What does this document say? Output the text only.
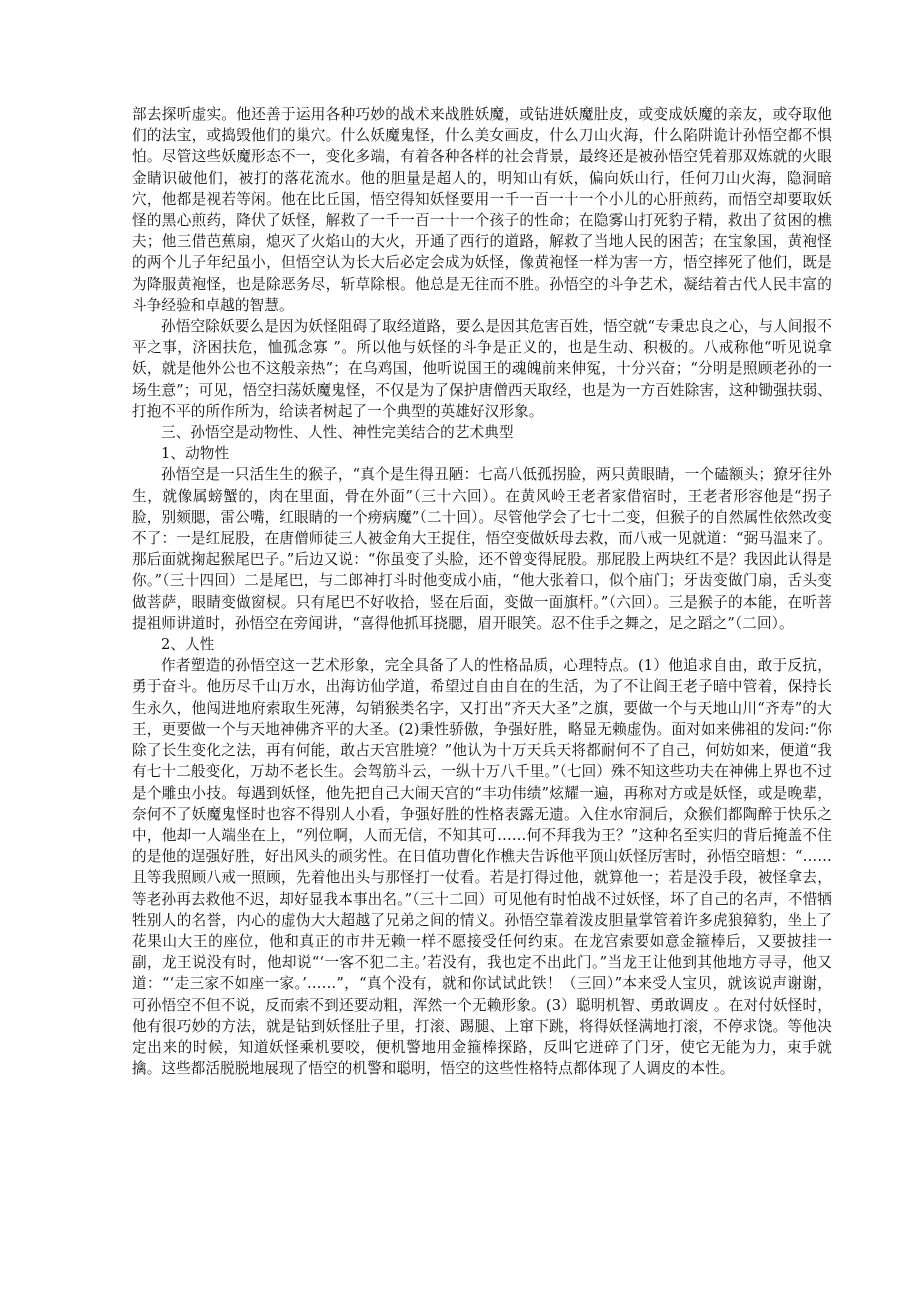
部去探听虚实。他还善于运用各种巧妙的战术来战胜妖魔，或钻进妖魔肚皮，或变成妖魔的亲友，或夺取他们的法宝，或捣毁他们的巢穴。什么妖魔鬼怪，什么美女画皮，什么刀山火海，什么陷阱诡计孙悟空都不惧怕。尽管这些妖魔形态不一，变化多端，有着各种各样的社会背景，最终还是被孙悟空凭着那双炼就的火眼金睛识破他们，被打的落花流水。他的胆量是超人的，明知山有妖，偏向妖山行，任何刀山火海，隐洞暗穴，他都是视若等闲。他在比丘国，悟空得知妖怪要用一千一百一十一个小儿的心肝煎药，而悟空却要取妖怪的黑心煎药，降伏了妖怪，解救了一千一百一十一个孩子的性命；在隐雾山打死豹子精，救出了贫困的樵夫；他三借芭蕉扇，熄灭了火焰山的大火，开通了西行的道路，解救了当地人民的困苦；在宝象国，黄袍怪的两个儿子年纪虽小，但悟空认为长大后必定会成为妖怪，像黄袍怪一样为害一方，悟空摔死了他们，既是为降服黄袍怪，也是除恶务尽，斩草除根。他总是无往而不胜。孙悟空的斗争艺术，凝结着古代人民丰富的斗争经验和卓越的智慧。

孙悟空除妖要么是因为妖怪阻碍了取经道路，要么是因其危害百姓，悟空就“专秉忠良之心，与人间报不平之事，济困扶危，恤孤念寡 ”。所以他与妖怪的斗争是正义的，也是生动、积极的。八戒称他“听见说拿妖，就是他外公也不这般亲热”；在乌鸡国，他听说国王的魂魄前来伸冤，十分兴奋；“分明是照顾老孙的一场生意”；可见，悟空扫荡妖魔鬼怪，不仅是为了保护唐僧西天取经，也是为一方百姓除害，这种锄强扶弱、打抱不平的所作所为，给读者树起了一个典型的英雄好汉形象。

三、孙悟空是动物性、人性、神性完美结合的艺术典型

1、动物性

孙悟空是一只活生生的猴子，“真个是生得丑陋：七高八低孤拐脸，两只黄眼睛，一个磕额头；獠牙往外生，就像属螃蟹的，肉在里面，骨在外面”（三十六回）。在黄风岭王老者家借宿时，王老者形容他是“拐子脸，别颏腮，雷公嘴，红眼睛的一个痨病魔”（二十回）。尽管他学会了七十二变，但猴子的自然属性依然改变不了：一是红屁股，在唐僧师徒三人被金角大王捉住，悟空变做妖母去救，而八戒一见就道：“弼马温来了。那后面就掬起猴尾巴子。”后边又说：“你虽变了头脸，还不曾变得屁股。那屁股上两块红不是？我因此认得是你。”（三十四回）二是尾巴，与二郎神打斗时他变成小庙，“他大张着口，似个庙门；牙齿变做门扇，舌头变做菩萨，眼睛变做窗棂。只有尾巴不好收拾，竖在后面，变做一面旗杆。”（六回）。三是猴子的本能，在听菩提祖师讲道时，孙悟空在旁闻讲，“喜得他抓耳挠腮，眉开眼笑。忍不住手之舞之，足之蹈之”（二回）。

2、人性

作者塑造的孙悟空这一艺术形象，完全具备了人的性格品质，心理特点。(1）他追求自由，敢于反抗，勇于奋斗。他历尽千山万水，出海访仙学道，希望过自由自在的生活，为了不让阎王老子暗中管着，保持长生永久，他闯进地府索取生死薄，勾销猴类名字，又打出“齐天大圣”之旗，要做一个与天地山川“齐寿”的大王，更要做一个与天地神佛齐平的大圣。(2)秉性骄傲，争强好胜，略显无赖虚伪。面对如来佛祖的发问:“你除了长生变化之法，再有何能，敢占天宫胜境？”他认为十万天兵天将都耐何不了自己，何妨如来，便道“我有七十二般变化，万劫不老长生。会驾筋斗云，一纵十万八千里。”（七回）殊不知这些功夫在神佛上界也不过是个雕虫小技。每遇到妖怪，他先把自己大闹天宫的“丰功伟绩”炫耀一遍，再称对方或是妖怪，或是晚辈，奈何不了妖魔鬼怪时也容不得别人小看，争强好胜的性格表露无遗。入住水帘洞后，众猴们都陶醉于快乐之中，他却一人端坐在上，“列位啊，人而无信，不知其可……何不拜我为王？”这种名至实归的背后掩盖不住的是他的逞强好胜，好出风头的顽劣性。在日值功曹化作樵夫告诉他平顶山妖怪厉害时，孙悟空暗想：“……且等我照顾八戒一照顾，先着他出头与那怪打一仗看。若是打得过他，就算他一；若是没手段，被怪拿去，等老孙再去救他不迟，却好显我本事出名。”（三十二回）可见他有时怕战不过妖怪，坏了自己的名声，不惜牺牲别人的名誉，内心的虚伪大大超越了兄弟之间的情义。孙悟空靠着泼皮胆量掌管着许多虎狼獐豹，坐上了花果山大王的座位，他和真正的市井无赖一样不愿接受任何约束。在龙宫索要如意金箍棒后，又要披挂一副，龙王说没有时，他却说“‘一客不犯二主。’若没有，我也定不出此门。”当龙王让他到其他地方寻寻，他又道：“‘走三家不如座一家。’……”，“真个没有，就和你试试此铁！（三回）”本来受人宝贝，就该说声谢谢，可孙悟空不但不说，反而索不到还要动粗，浑然一个无赖形象。(3）聪明机智、勇敢调皮 。在对付妖怪时，他有很巧妙的方法，就是钻到妖怪肚子里，打滚、踢腿、上窜下跳，将得妖怪满地打滚，不停求饶。等他决定出来的时候，知道妖怪乘机要咬，便机警地用金箍棒探路，反叫它迸碎了门牙，使它无能为力，束手就擒。这些都活脱脱地展现了悟空的机警和聪明，悟空的这些性格特点都体现了人调皮的本性。
